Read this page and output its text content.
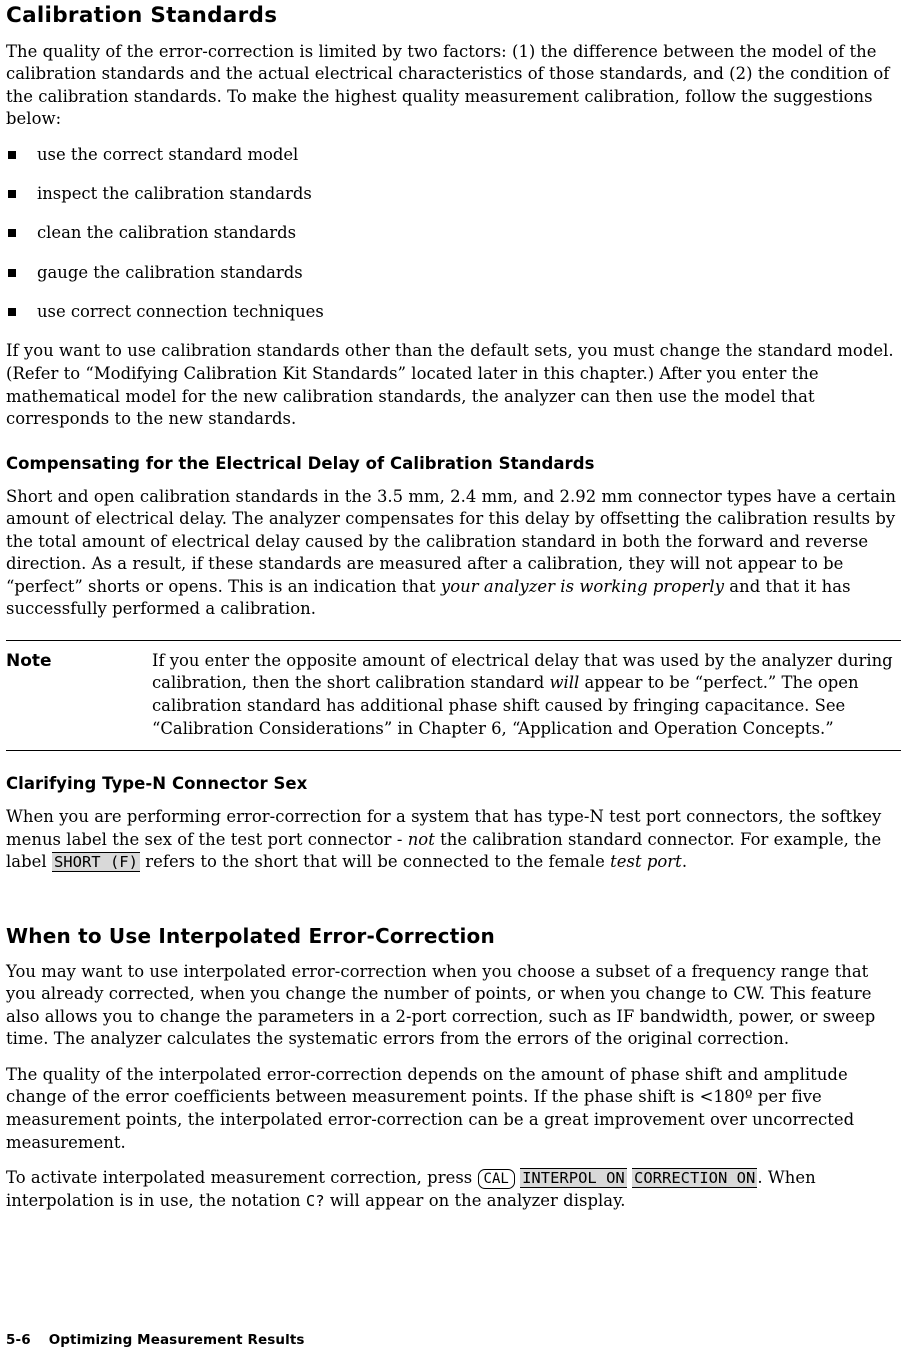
Calibration Standards

The quality of the error-correction is limited by two factors: (1) the difference between the model of the calibration standards and the actual electrical characteristics of those standards, and (2) the condition of the calibration standards. To make the highest quality measurement calibration, follow the suggestions below:

use the correct standard model
inspect the calibration standards
clean the calibration standards
gauge the calibration standards
use correct connection techniques

If you want to use calibration standards other than the default sets, you must change the standard model. (Refer to “Modifying Calibration Kit Standards” located later in this chapter.) After you enter the mathematical model for the new calibration standards, the analyzer can then use the model that corresponds to the new standards.

Compensating for the Electrical Delay of Calibration Standards

Short and open calibration standards in the 3.5 mm, 2.4 mm, and 2.92 mm connector types have a certain amount of electrical delay. The analyzer compensates for this delay by offsetting the calibration results by the total amount of electrical delay caused by the calibration standard in both the forward and reverse direction. As a result, if these standards are measured after a calibration, they will not appear to be “perfect” shorts or opens. This is an indication that your analyzer is working properly and that it has successfully performed a calibration.

Note	If you enter the opposite amount of electrical delay that was used by the analyzer during calibration, then the short calibration standard will appear to be “perfect.” The open calibration standard has additional phase shift caused by fringing capacitance. See “Calibration Considerations” in Chapter 6, “Application and Operation Concepts.”

Clarifying Type-N Connector Sex

When you are performing error-correction for a system that has type-N test port connectors, the softkey menus label the sex of the test port connector - not the calibration standard connector. For example, the label SHORT (F) refers to the short that will be connected to the female test port.

When to Use Interpolated Error-Correction

You may want to use interpolated error-correction when you choose a subset of a frequency range that you already corrected, when you change the number of points, or when you change to CW. This feature also allows you to change the parameters in a 2-port correction, such as IF bandwidth, power, or sweep time. The analyzer calculates the systematic errors from the errors of the original correction.

The quality of the interpolated error-correction depends on the amount of phase shift and amplitude change of the error coefficients between measurement points. If the phase shift is <180º per five measurement points, the interpolated error-correction can be a great improvement over uncorrected measurement.

To activate interpolated measurement correction, press CAL INTERPOL ON CORRECTION ON . When interpolation is in use, the notation C? will appear on the analyzer display.

5-6 Optimizing Measurement Results
